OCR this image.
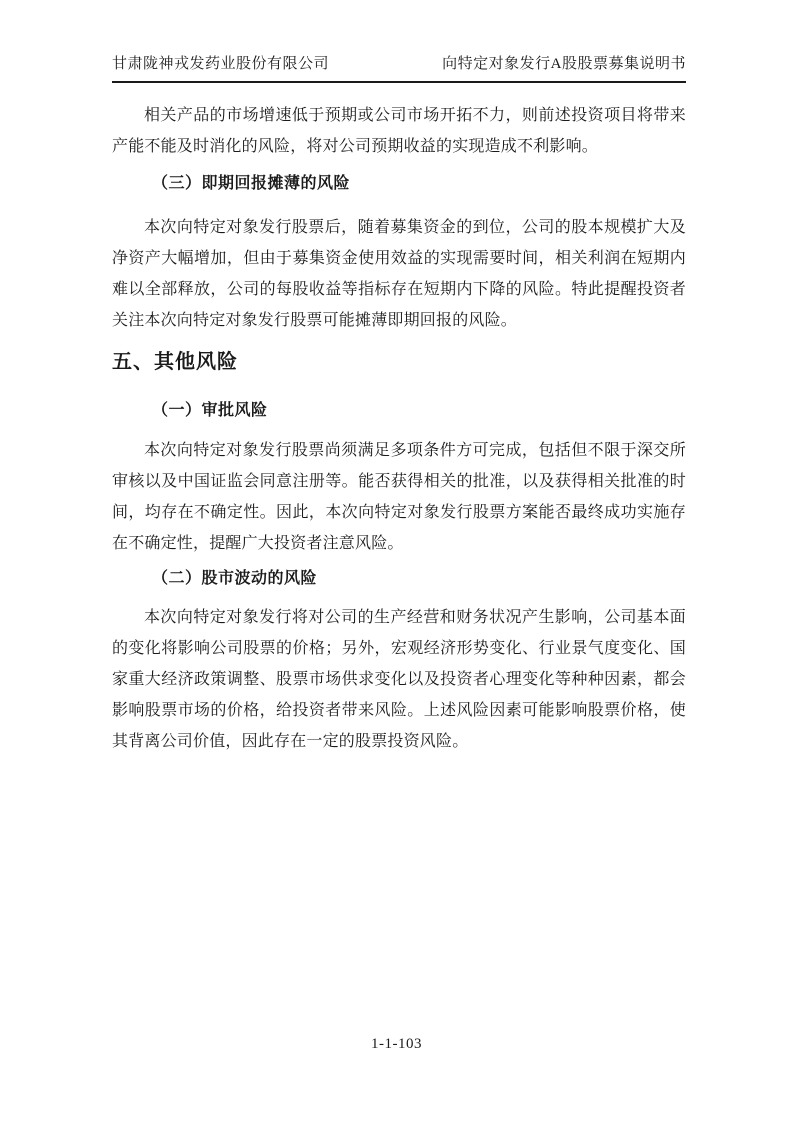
甘肃陇神戎发药业股份有限公司	向特定对象发行A股股票募集说明书

相关产品的市场增速低于预期或公司市场开拓不力，则前述投资项目将带来产能不能及时消化的风险，将对公司预期收益的实现造成不利影响。

（三）即期回报摊薄的风险

本次向特定对象发行股票后，随着募集资金的到位，公司的股本规模扩大及净资产大幅增加，但由于募集资金使用效益的实现需要时间，相关利润在短期内难以全部释放，公司的每股收益等指标存在短期内下降的风险。特此提醒投资者关注本次向特定对象发行股票可能摊薄即期回报的风险。

五、其他风险
（一）审批风险

本次向特定对象发行股票尚须满足多项条件方可完成，包括但不限于深交所审核以及中国证监会同意注册等。能否获得相关的批准，以及获得相关批准的时间，均存在不确定性。因此，本次向特定对象发行股票方案能否最终成功实施存在不确定性，提醒广大投资者注意风险。

（二）股市波动的风险

本次向特定对象发行将对公司的生产经营和财务状况产生影响，公司基本面的变化将影响公司股票的价格；另外，宏观经济形势变化、行业景气度变化、国家重大经济政策调整、股票市场供求变化以及投资者心理变化等种种因素，都会影响股票市场的价格，给投资者带来风险。上述风险因素可能影响股票价格，使其背离公司价值，因此存在一定的股票投资风险。

1-1-103
